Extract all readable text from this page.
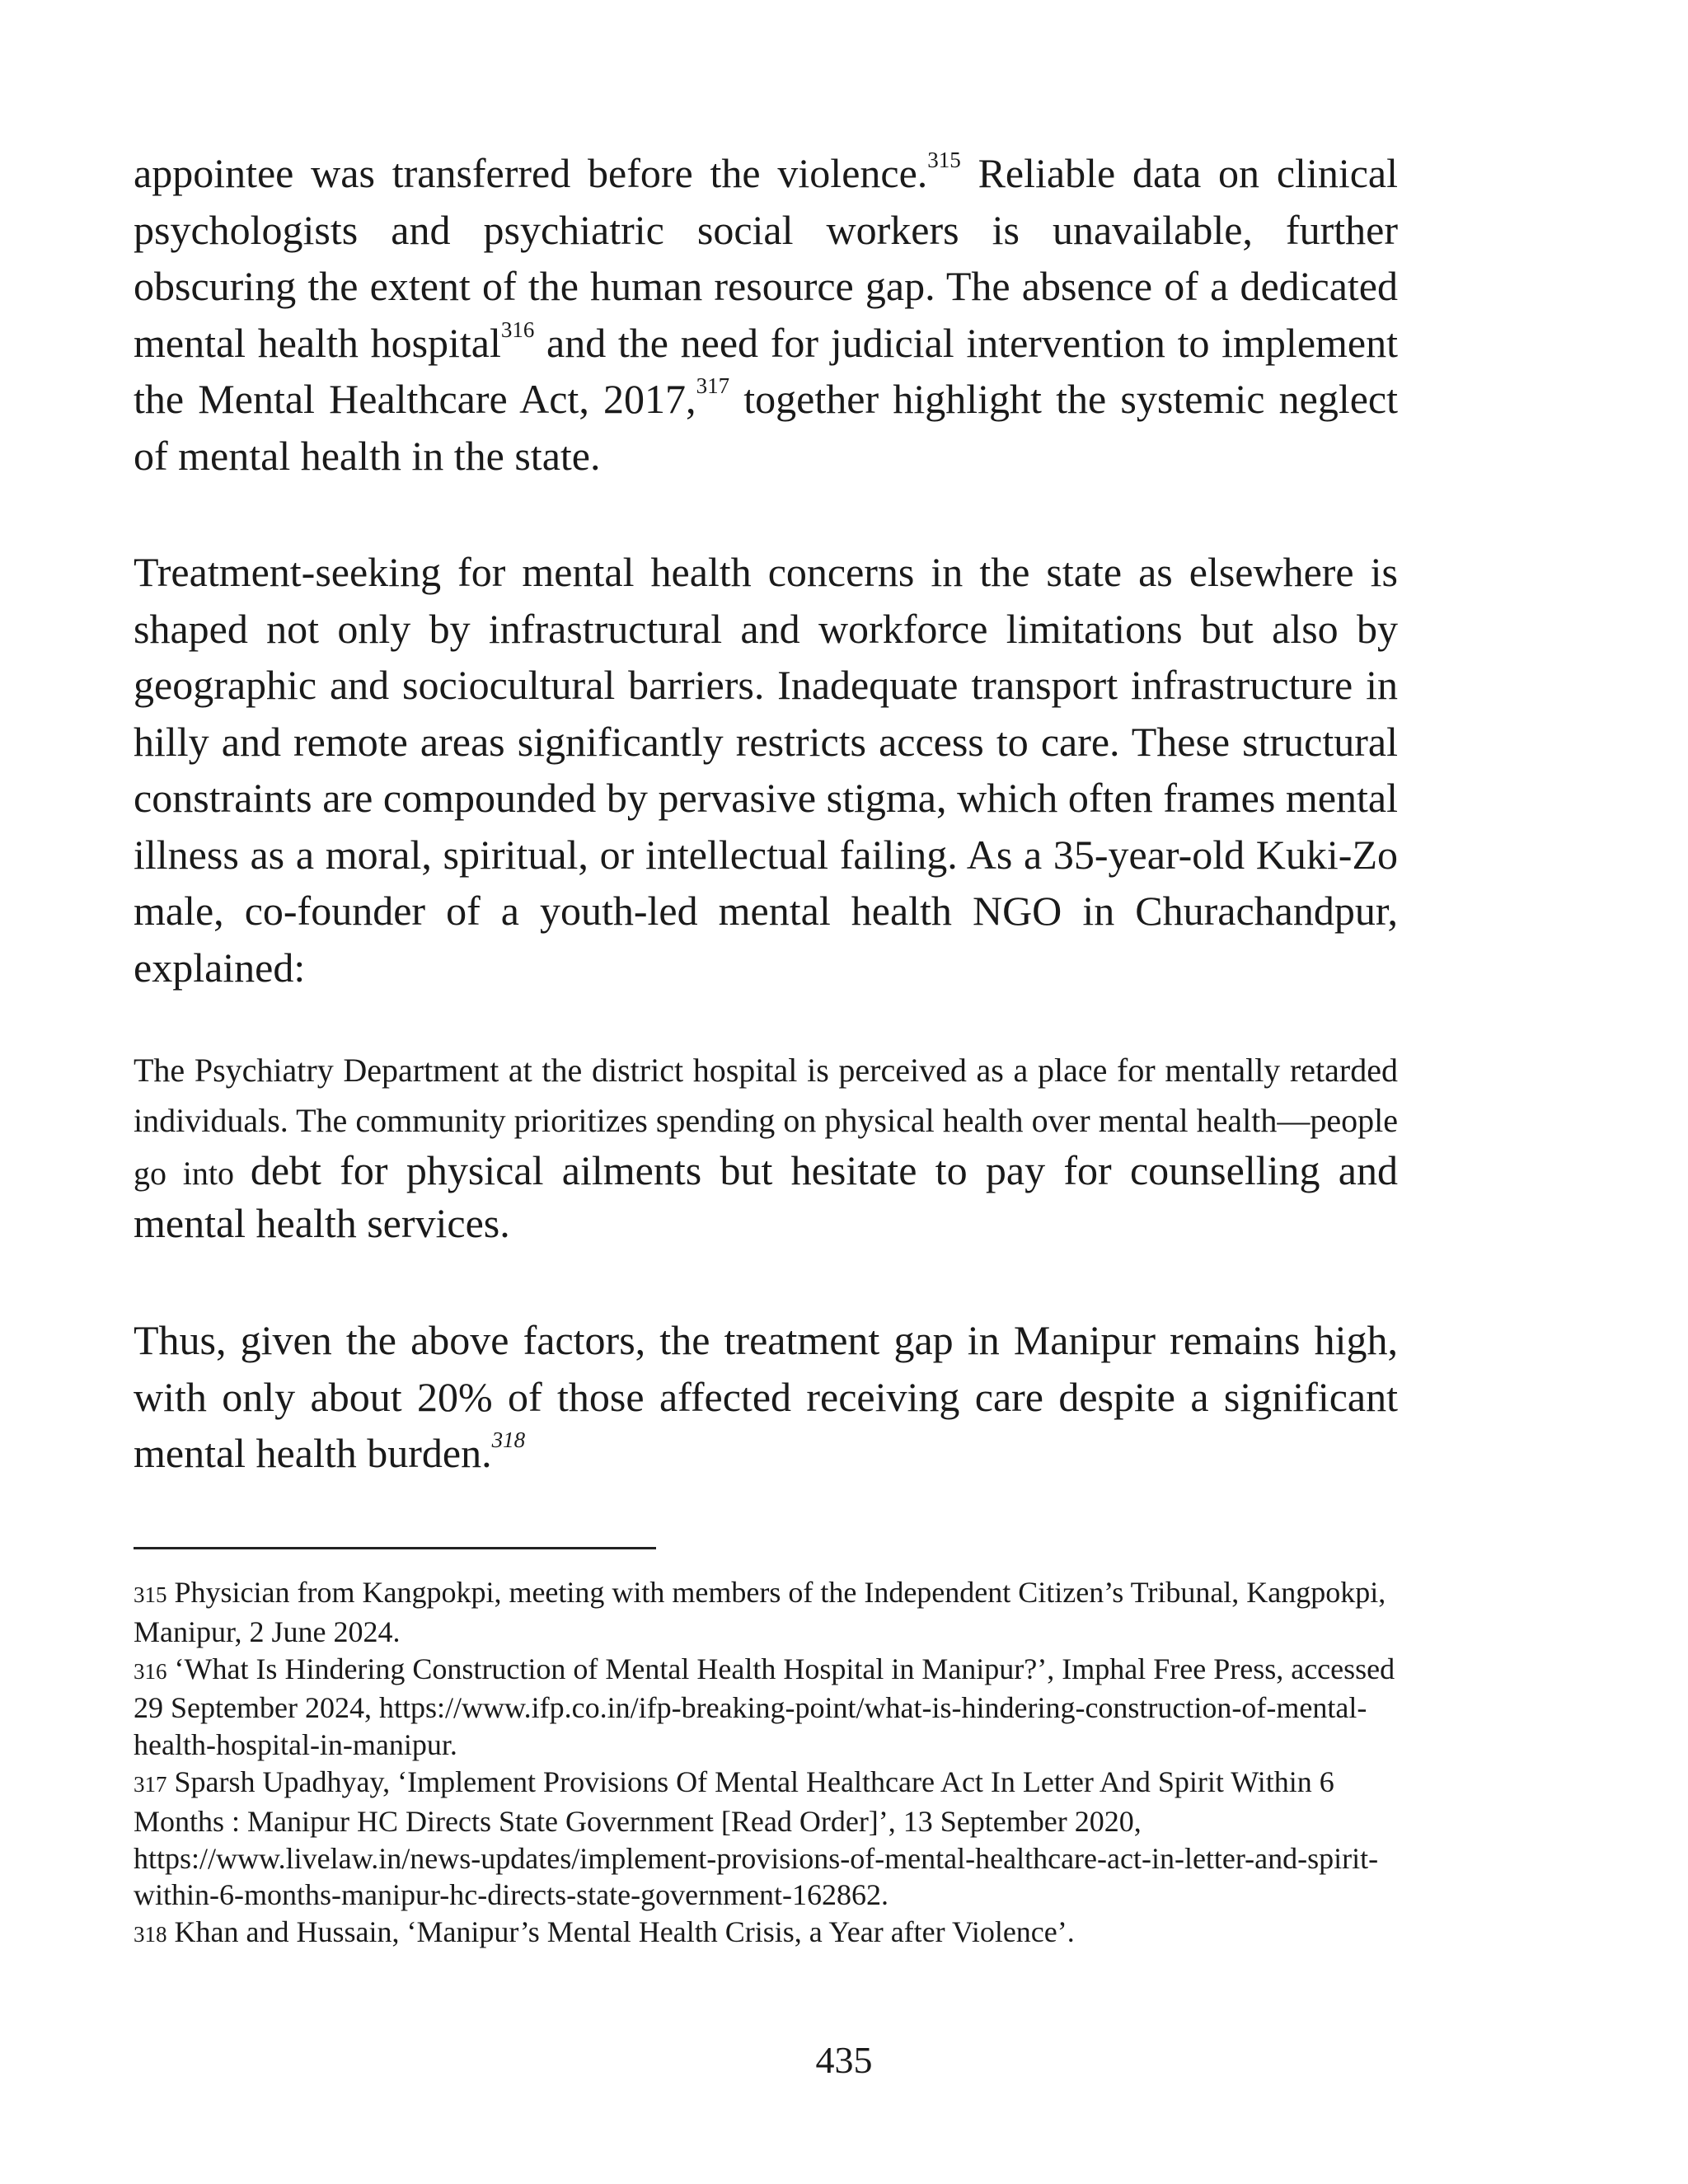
appointee was transferred before the violence.$^{315}$ Reliable data on clinical psychologists and psychiatric social workers is unavailable, further obscuring the extent of the human resource gap. The absence of a dedicated mental health hospital$^{316}$ and the need for judicial intervention to implement the Mental Healthcare Act, 2017,$^{317}$ together highlight the systemic neglect of mental health in the state.

Treatment-seeking for mental health concerns in the state as elsewhere is shaped not only by infrastructural and workforce limitations but also by geographic and sociocultural barriers. Inadequate transport infrastructure in hilly and remote areas significantly restricts access to care. These structural constraints are compounded by pervasive stigma, which often frames mental illness as a moral, spiritual, or intellectual failing. As a 35-year-old Kuki-Zo male, co-founder of a youth-led mental health NGO in Churachandpur, explained:

The Psychiatry Department at the district hospital is perceived as a place for mentally retarded individuals. The community prioritizes spending on physical health over mental health—people go into debt for physical ailments but hesitate to pay for counselling and mental health services.

Thus, given the above factors, the treatment gap in Manipur remains high, with only about 20% of those affected receiving care despite a significant mental health burden.$^{318}$

315 Physician from Kangpokpi, meeting with members of the Independent Citizen’s Tribunal, Kangpokpi, Manipur, 2 June 2024.

316 ‘What Is Hindering Construction of Mental Health Hospital in Manipur?’, Imphal Free Press, accessed 29 September 2024, https://www.ifp.co.in/ifp-breaking-point/what-is-hindering-construction-of-mental-health-hospital-in-manipur.

317 Sparsh Upadhyay, ‘Implement Provisions Of Mental Healthcare Act In Letter And Spirit Within 6 Months : Manipur HC Directs State Government [Read Order]’, 13 September 2020, https://www.livelaw.in/news-updates/implement-provisions-of-mental-healthcare-act-in-letter-and-spirit-within-6-months-manipur-hc-directs-state-government-162862.

318 Khan and Hussain, ‘Manipur’s Mental Health Crisis, a Year after Violence’.

435
